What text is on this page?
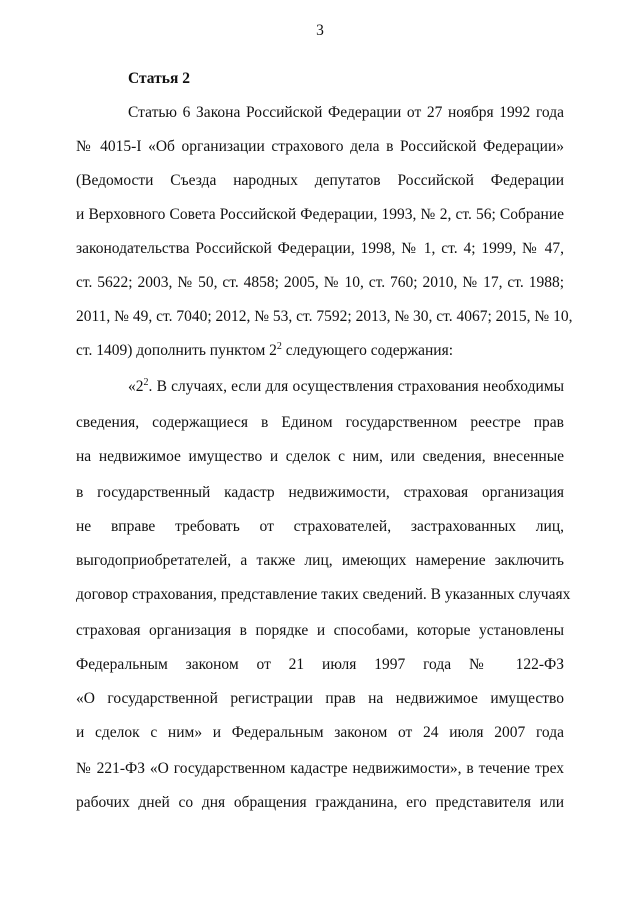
3
Статья 2
Статью 6 Закона Российской Федерации от 27 ноября 1992 года
№ 4015-I «Об организации страхового дела в Российской Федерации»
(Ведомости Съезда народных депутатов Российской Федерации
и Верховного Совета Российской Федерации, 1993, № 2, ст. 56; Собрание
законодательства Российской Федерации, 1998, № 1, ст. 4; 1999, № 47,
ст. 5622; 2003, № 50, ст. 4858; 2005, № 10, ст. 760; 2010, № 17, ст. 1988;
2011, № 49, ст. 7040; 2012, № 53, ст. 7592; 2013, № 30, ст. 4067; 2015, № 10,
ст. 1409) дополнить пунктом $2^2$ следующего содержания:
«$2^2$. В случаях, если для осуществления страхования необходимы
сведения, содержащиеся в Едином государственном реестре прав
на недвижимое имущество и сделок с ним, или сведения, внесенные
в государственный кадастр недвижимости, страховая организация
не вправе требовать от страхователей, застрахованных лиц,
выгодоприобретателей, а также лиц, имеющих намерение заключить
договор страхования, представление таких сведений. В указанных случаях
страховая организация в порядке и способами, которые установлены
Федеральным законом от 21 июля 1997 года № 122-ФЗ
«О государственной регистрации прав на недвижимое имущество
и сделок с ним» и Федеральным законом от 24 июля 2007 года
№ 221-ФЗ «О государственном кадастре недвижимости», в течение трех
рабочих дней со дня обращения гражданина, его представителя или
